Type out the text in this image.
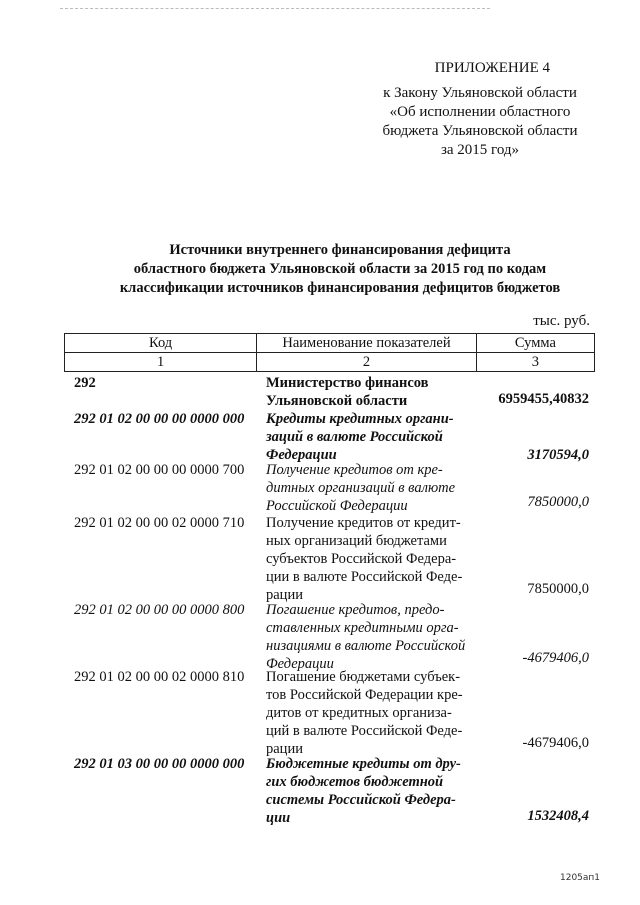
ПРИЛОЖЕНИЕ 4
к Закону Ульяновской области
«Об исполнении областного
бюджета Ульяновской области
за 2015 год»
Источники внутреннего финансирования дефицита
областного бюджета Ульяновской области за 2015 год по кодам
классификации источников финансирования дефицитов бюджетов
тыс. руб.
Код	Наименование показателей	Сумма
1	2	3
292	Министерство финансов
Ульяновской области	6959455,40832
292 01 02 00 00 00 0000 000	Кредиты кредитных органи-
заций в валюте Российской
Федерации	3170594,0
292 01 02 00 00 00 0000 700	Получение кредитов от кре-
дитных организаций в валюте
Российской Федерации	7850000,0
292 01 02 00 00 02 0000 710	Получение кредитов от кредит-
ных организаций бюджетами
субъектов Российской Федера-
ции в валюте Российской Феде-
рации	7850000,0
292 01 02 00 00 00 0000 800	Погашение кредитов, предо-
ставленных кредитными орга-
низациями в валюте Российской
Федерации	-4679406,0
292 01 02 00 00 02 0000 810	Погашение бюджетами субъек-
тов Российской Федерации кре-
дитов от кредитных организа-
ций в валюте Российской Феде-
рации	-4679406,0
292 01 03 00 00 00 0000 000	Бюджетные кредиты от дру-
гих бюджетов бюджетной
системы Российской Федера-
ции	1532408,4
1205ап1
